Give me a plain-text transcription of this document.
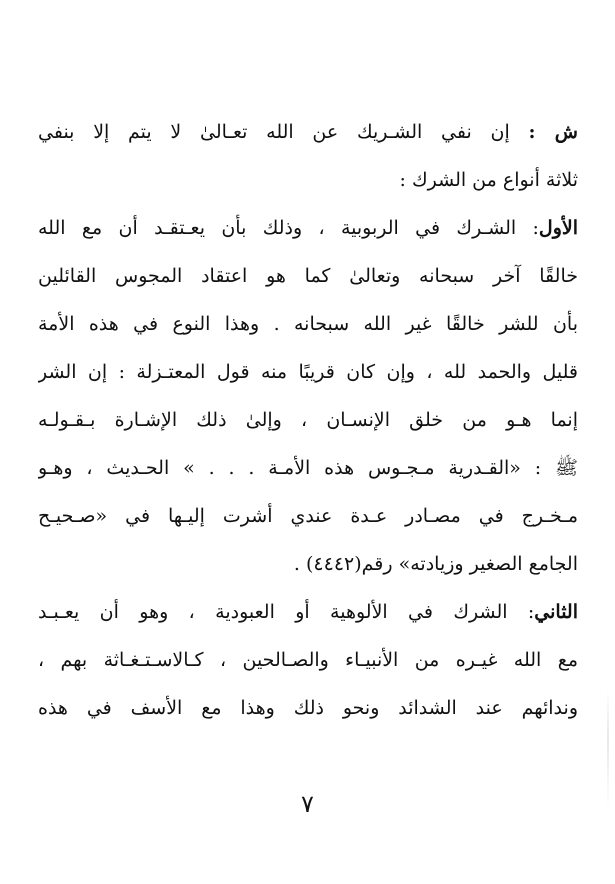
ش : إن نفي الشـريك عن الله تعـالىٰ لا يتم إلا بنفي
ثلاثة أنواع من الشرك :
الأول: الشـرك في الربوبية ، وذلك بأن يعـتقـد أن مع الله
خالقًا آخر سبحانه وتعالىٰ كما هو اعتقاد المجوس القائلين
بأن للشر خالقًا غير الله سبحانه . وهذا النوع في هذه الأمة
قليل والحمد لله ، وإن كان قريبًا منه قول المعتـزلة : إن الشر
إنما هـو من خلق الإنسـان ، وإلىٰ ذلك الإشـارة بـقـولـه
ﷺ : «القـدرية مـجـوس هذه الأمـة . . . » الحـديث ، وهـو
مـخـرج في مصـادر عـدة عندي أشرت إليـها في «صـحيـح
الجامع الصغير وزيادته» رقم(٤٤٤٢) .
الثاني: الشرك في الألوهية أو العبودية ، وهو أن يعـبـد
مع الله غيـره من الأنبيـاء والصـالحين ، كـالاسـتـغـاثة بهم ،
وندائهم عند الشدائد ونحو ذلك وهذا مع الأسف في هذه
٧
